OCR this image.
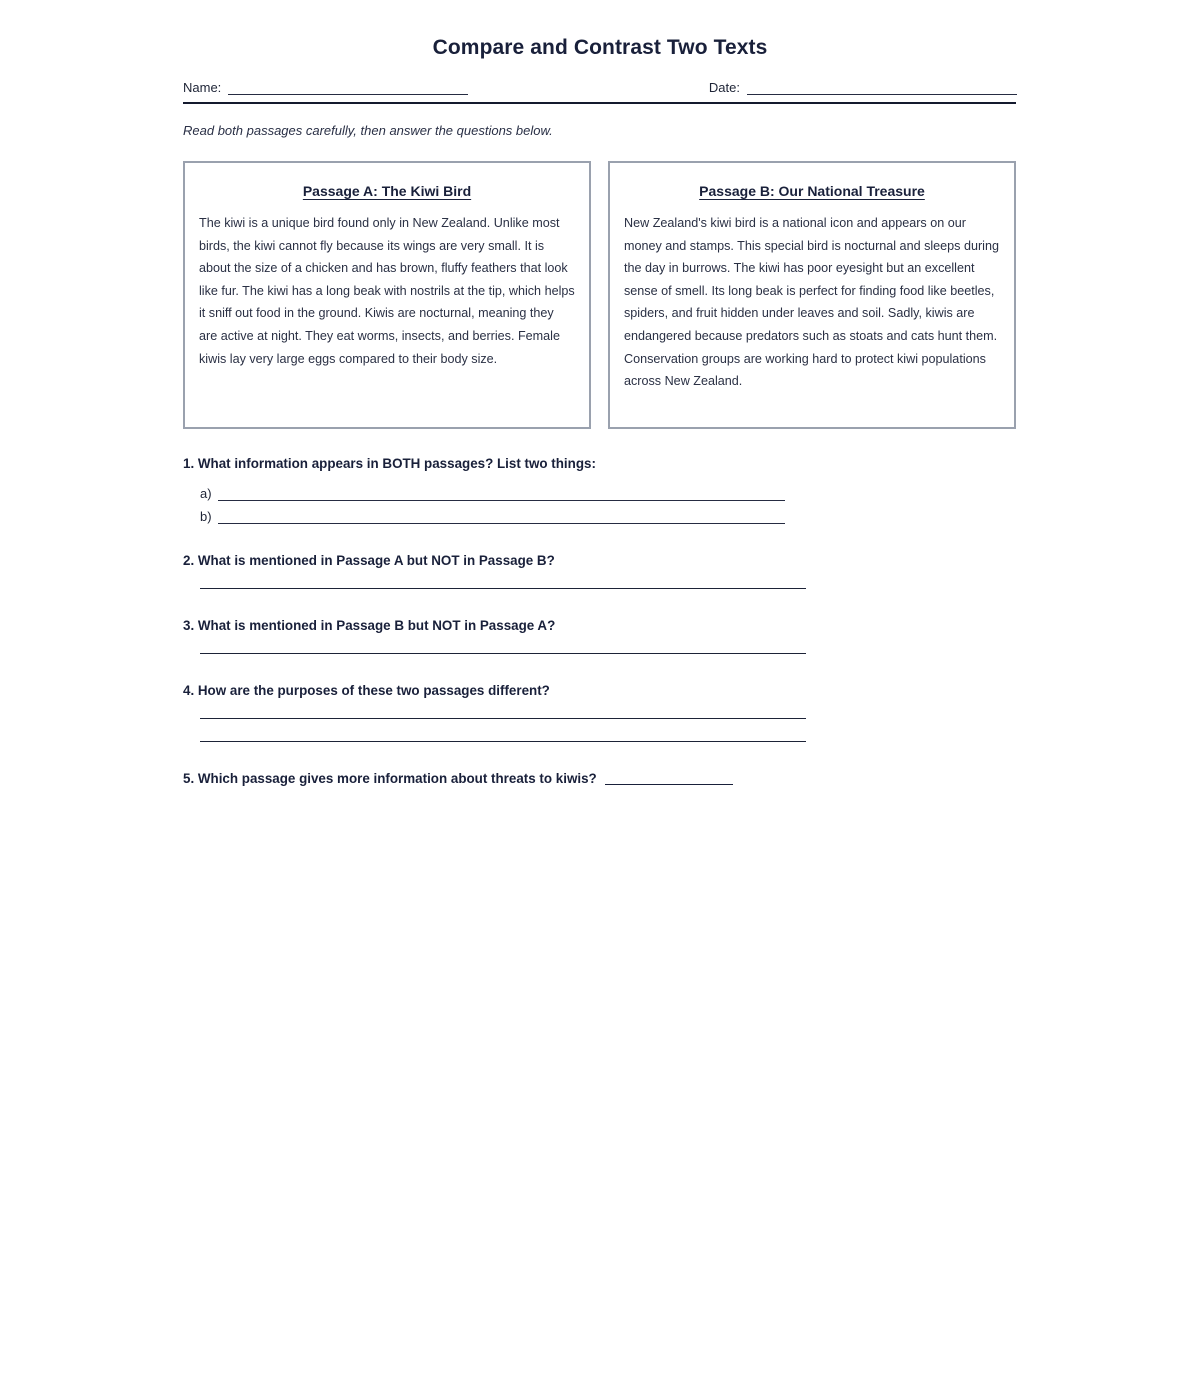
Compare and Contrast Two Texts
Name:	Date:

Read both passages carefully, then answer the questions below.

Passage A: The Kiwi Bird

The kiwi is a unique bird found only in New Zealand. Unlike most birds, the kiwi cannot fly because its wings are very small. It is about the size of a chicken and has brown, fluffy feathers that look like fur. The kiwi has a long beak with nostrils at the tip, which helps it sniff out food in the ground. Kiwis are nocturnal, meaning they are active at night. They eat worms, insects, and berries. Female kiwis lay very large eggs compared to their body size.

Passage B: Our National Treasure

New Zealand's kiwi bird is a national icon and appears on our money and stamps. This special bird is nocturnal and sleeps during the day in burrows. The kiwi has poor eyesight but an excellent sense of smell. Its long beak is perfect for finding food like beetles, spiders, and fruit hidden under leaves and soil. Sadly, kiwis are endangered because predators such as stoats and cats hunt them. Conservation groups are working hard to protect kiwi populations across New Zealand.

1. What information appears in BOTH passages? List two things:

a)
b)

2. What is mentioned in Passage A but NOT in Passage B?

3. What is mentioned in Passage B but NOT in Passage A?

4. How are the purposes of these two passages different?

5. Which passage gives more information about threats to kiwis?
